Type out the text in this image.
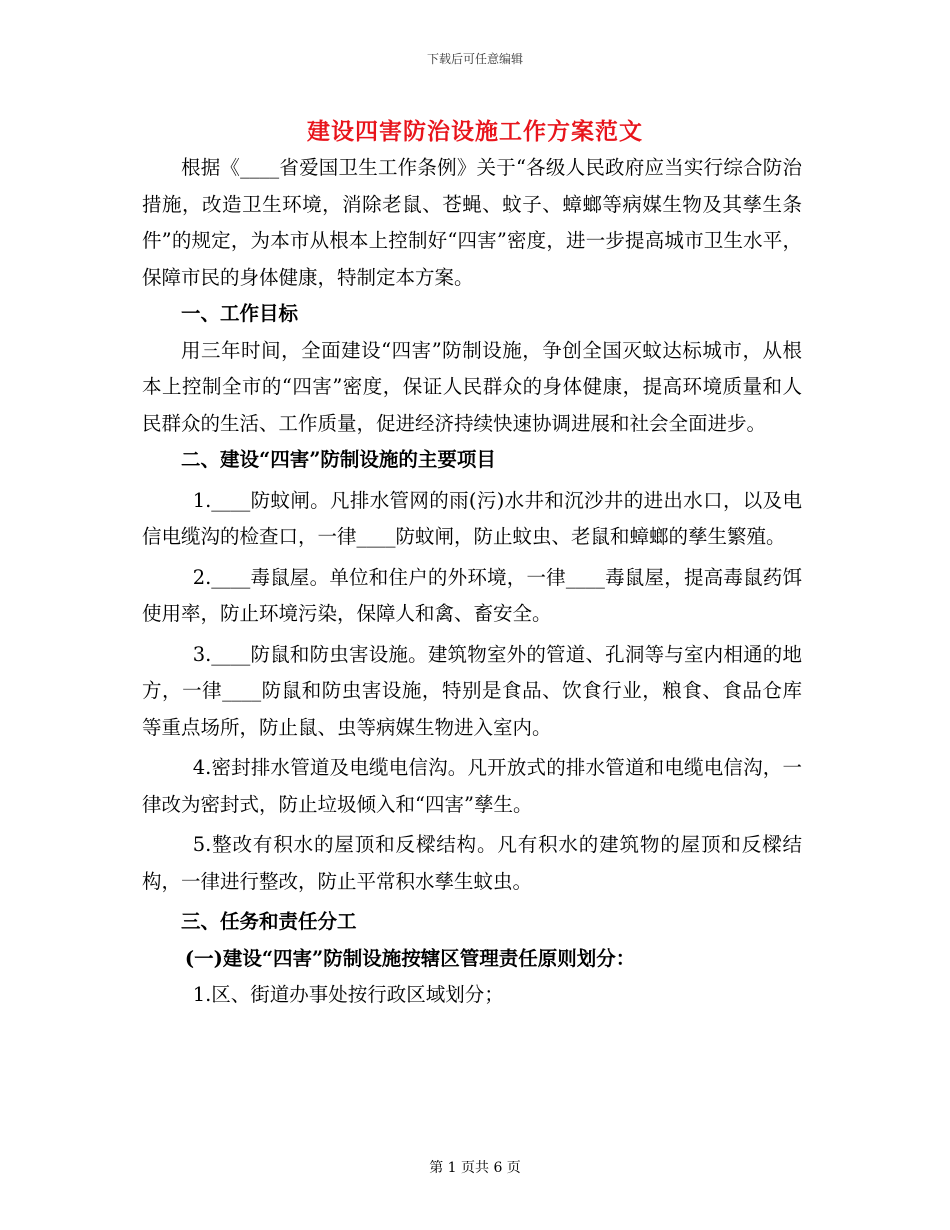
下载后可任意编辑
建设四害防治设施工作方案范文

根据《____省爱国卫生工作条例》关于“各级人民政府应当实行综合防治措施，改造卫生环境，消除老鼠、苍蝇、蚊子、蟑螂等病媒生物及其孳生条件”的规定，为本市从根本上控制好“四害”密度，进一步提高城市卫生水平，保障市民的身体健康，特制定本方案。

一、工作目标

用三年时间，全面建设“四害”防制设施，争创全国灭蚊达标城市，从根本上控制全市的“四害”密度，保证人民群众的身体健康，提高环境质量和人民群众的生活、工作质量，促进经济持续快速协调进展和社会全面进步。

二、建设“四害”防制设施的主要项目

1.____防蚊闸。凡排水管网的雨(污)水井和沉沙井的进出水口，以及电信电缆沟的检查口，一律____防蚊闸，防止蚊虫、老鼠和蟑螂的孳生繁殖。

2.____毒鼠屋。单位和住户的外环境，一律____毒鼠屋，提高毒鼠药饵使用率，防止环境污染，保障人和禽、畜安全。

3.____防鼠和防虫害设施。建筑物室外的管道、孔洞等与室内相通的地方，一律____防鼠和防虫害设施，特别是食品、饮食行业，粮食、食品仓库等重点场所，防止鼠、虫等病媒生物进入室内。

4.密封排水管道及电缆电信沟。凡开放式的排水管道和电缆电信沟，一律改为密封式，防止垃圾倾入和“四害”孳生。

5.整改有积水的屋顶和反樑结构。凡有积水的建筑物的屋顶和反樑结构，一律进行整改，防止平常积水孳生蚊虫。

三、任务和责任分工

(一)建设“四害”防制设施按辖区管理责任原则划分：

1.区、街道办事处按行政区域划分；

第 1 页共 6 页
